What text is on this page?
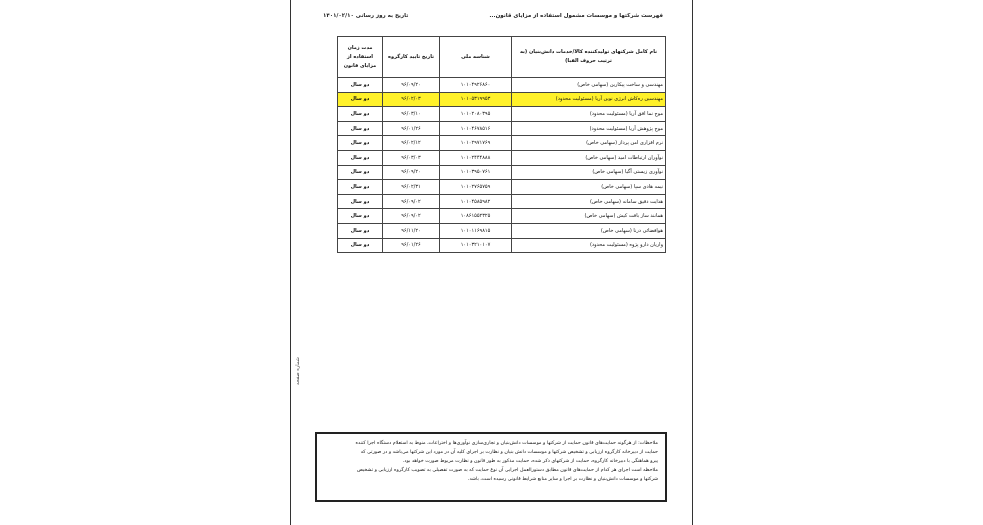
فهرست شرکتها و موسسات مشمول استفاده از مزایای قانون...
تاریخ به روز رسانی ۱۴۰۱/۰۲/۱۰
نام کامل شرکتهای تولیدکننده کالا/خدمات دانش‌بنیان (به ترتیب حروف الفبا)	شناسه ملی	تاریخ تایید کارگروه	مدت زمان استفاده از مزایای قانون
مهندسی و ساخت پیکارین (سهامی خاص)	۱۰۱۰۴۹۲۶۸۶۰	۹۶/۰۹/۲۰	دو سال
مهندسین ره‌کاش انرژی نوین آریا (مسئولیت محدود)	۱۰۱۰۵۳۱۹۹۵۳	۹۶/۰۲/۰۳	دو سال
موج نما افق آریا (مسئولیت محدود)	۱۰۱۰۲۰۸۰۳۹۵	۹۶/۰۳/۱۰	دو سال
موج پژوهش آریا (مسئولیت محدود)	۱۰۱۰۴۶۷۸۵۱۶	۹۶/۰۱/۲۶	دو سال
نرم افزاری امن پرداز (سهامی خاص)	۱۰۱۰۲۹۷۱۷۶۹	۹۶/۰۲/۱۲	دو سال
نوآوران ارتباطات امید (سهامی خاص)	۱۰۱۰۲۴۴۴۸۸۸	۹۶/۰۳/۰۳	دو سال
نوآوری زیستی آگیا (سهامی خاص)	۱۰۱۰۳۹۵۰۷۶۱	۹۶/۰۹/۲۰	دو سال
نیمه هادی سپا (سهامی خاص)	۱۰۱۰۲۷۶۵۷۵۹	۹۶/۰۲/۳۱	دو سال
هدایت دقیق سامانه (سهامی خاص)	۱۰۱۰۴۵۸۵۹۸۲	۹۶/۰۹/۰۲	دو سال
همانند ساز بافت کیش (سهامی خاص)	۱۰۸۶۱۵۵۲۳۲۵	۹۶/۰۹/۰۲	دو سال
هوافضائی درنا (سهامی خاص)	۱۰۱۰۱۱۶۹۸۱۵	۹۶/۱۱/۲۰	دو سال
واریان دارو پژوه (مسئولیت محدود)	۱۰۱۰۳۲۱۰۱۰۷	۹۶/۰۱/۲۶	دو سال
شماره صفحه
ملاحظات: از هرگونه حمایت‌های قانون حمایت از شرکتها و موسسات دانش‌بنیان و تجاری‌سازی نوآوری‌ها و اختراعات، منوط به استعلام دستگاه اجرا کننده
حمایت از دبیرخانه کارگروه ارزیابی و تشخیص شرکتها و موسسات دانش بنیان و نظارت بر اجرای کلیه آن در مورد این شرکتها می‌باشد و در صورتی که
پیرو هماهنگی با دبیرخانه کارگروه، حمایت از شرکتهای ذکر شده، حمایت مذکور به طور قانون و نظارت مربوط صورت خواهد بود.
ملاحظه است اجرای هر کدام از حمایت‌های قانون مطابق دستورالعمل اجرایی آن نوع حمایت که به صورت تفصیلی به تصویب کارگروه ارزیابی و تشخیص
شرکتها و موسسات دانش‌بنیان و نظارت بر اجرا و سایر منابع شرایط قانونی رسیده است، باشد.
